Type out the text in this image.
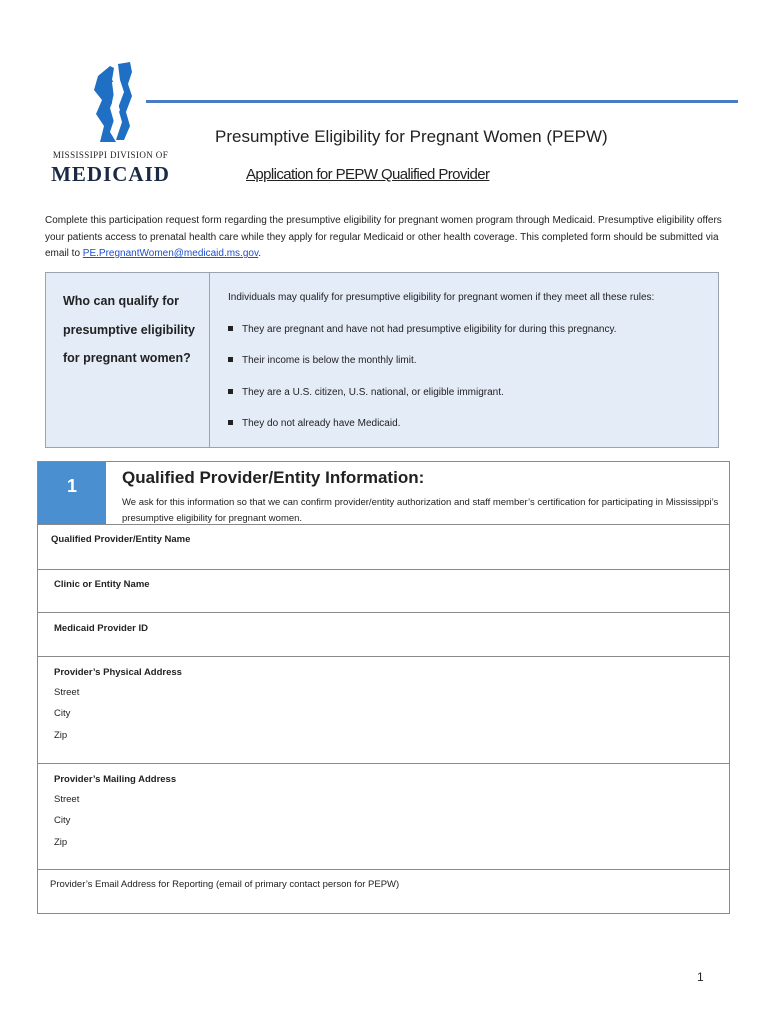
MISSISSIPPI DIVISION OF
MEDICAID
Presumptive Eligibility for Pregnant Women (PEPW)
Application for PEPW Qualified Provider
Complete this participation request form regarding the presumptive eligibility for pregnant women program through Medicaid. Presumptive eligibility offers your patients access to prenatal health care while they apply for regular Medicaid or other health coverage. This completed form should be submitted via email to PE.PregnantWomen@medicaid.ms.gov.
Who can qualify for presumptive eligibility for pregnant women?
Individuals may qualify for presumptive eligibility for pregnant women if they meet all these rules:
They are pregnant and have not had presumptive eligibility for during this pregnancy.
Their income is below the monthly limit.
They are a U.S. citizen, U.S. national, or eligible immigrant.
They do not already have Medicaid.
1	Qualified Provider/Entity Information:
We ask for this information so that we can confirm provider/entity authorization and staff member’s certification for participating in Mississippi’s presumptive eligibility for pregnant women.
Qualified Provider/Entity Name
Clinic or Entity Name
Medicaid Provider ID
Provider’s Physical Address
Street
City
Zip
Provider’s Mailing Address
Street
City
Zip
Provider’s Email Address for Reporting (email of primary contact person for PEPW)
1
